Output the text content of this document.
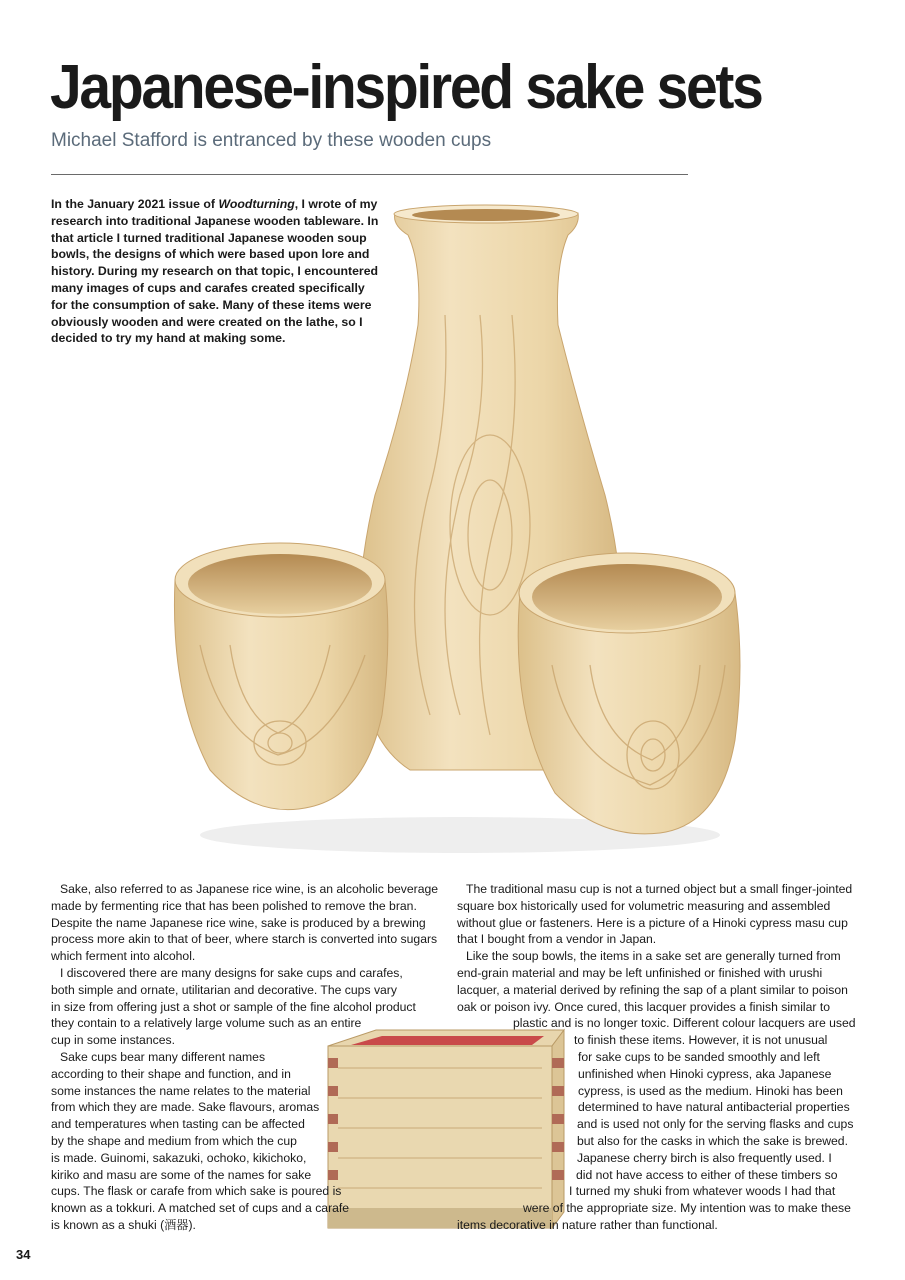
Japanese-inspired sake sets

Michael Stafford is entranced by these wooden cups

In the January 2021 issue of Woodturning, I wrote of my research into traditional Japanese wooden tableware. In that article I turned traditional Japanese wooden soup bowls, the designs of which were based upon lore and history. During my research on that topic, I encountered many images of cups and carafes created specifically for the consumption of sake. Many of these items were obviously wooden and were created on the lathe, so I decided to try my hand at making some.

Sake, also referred to as Japanese rice wine, is an alcoholic beverage
made by fermenting rice that has been polished to remove the bran.
Despite the name Japanese rice wine, sake is produced by a brewing
process more akin to that of beer, where starch is converted into sugars
which ferment into alcohol.
I discovered there are many designs for sake cups and carafes,
both simple and ornate, utilitarian and decorative. The cups vary
in size from offering just a shot or sample of the fine alcohol product
they contain to a relatively large volume such as an entire
cup in some instances.
Sake cups bear many different names
according to their shape and function, and in
some instances the name relates to the material
from which they are made. Sake flavours, aromas
and temperatures when tasting can be affected
by the shape and medium from which the cup
is made. Guinomi, sakazuki, ochoko, kikichoko,
kiriko and masu are some of the names for sake
cups. The flask or carafe from which sake is poured is
known as a tokkuri. A matched set of cups and a carafe
is known as a shuki (酒器).
The traditional masu cup is not a turned object but a small finger-jointed
square box historically used for volumetric measuring and assembled
without glue or fasteners. Here is a picture of a Hinoki cypress masu cup
that I bought from a vendor in Japan.
Like the soup bowls, the items in a sake set are generally turned from
end-grain material and may be left unfinished or finished with urushi
lacquer, a material derived by refining the sap of a plant similar to poison
oak or poison ivy. Once cured, this lacquer provides a finish similar to
plastic and is no longer toxic. Different colour lacquers are used
to finish these items. However, it is not unusual
for sake cups to be sanded smoothly and left
unfinished when Hinoki cypress, aka Japanese
cypress, is used as the medium. Hinoki has been
determined to have natural antibacterial properties
and is used not only for the serving flasks and cups
but also for the casks in which the sake is brewed.
Japanese cherry birch is also frequently used. I
did not have access to either of these timbers so
I turned my shuki from whatever woods I had that
were of the appropriate size. My intention was to make these
items decorative in nature rather than functional.
34
